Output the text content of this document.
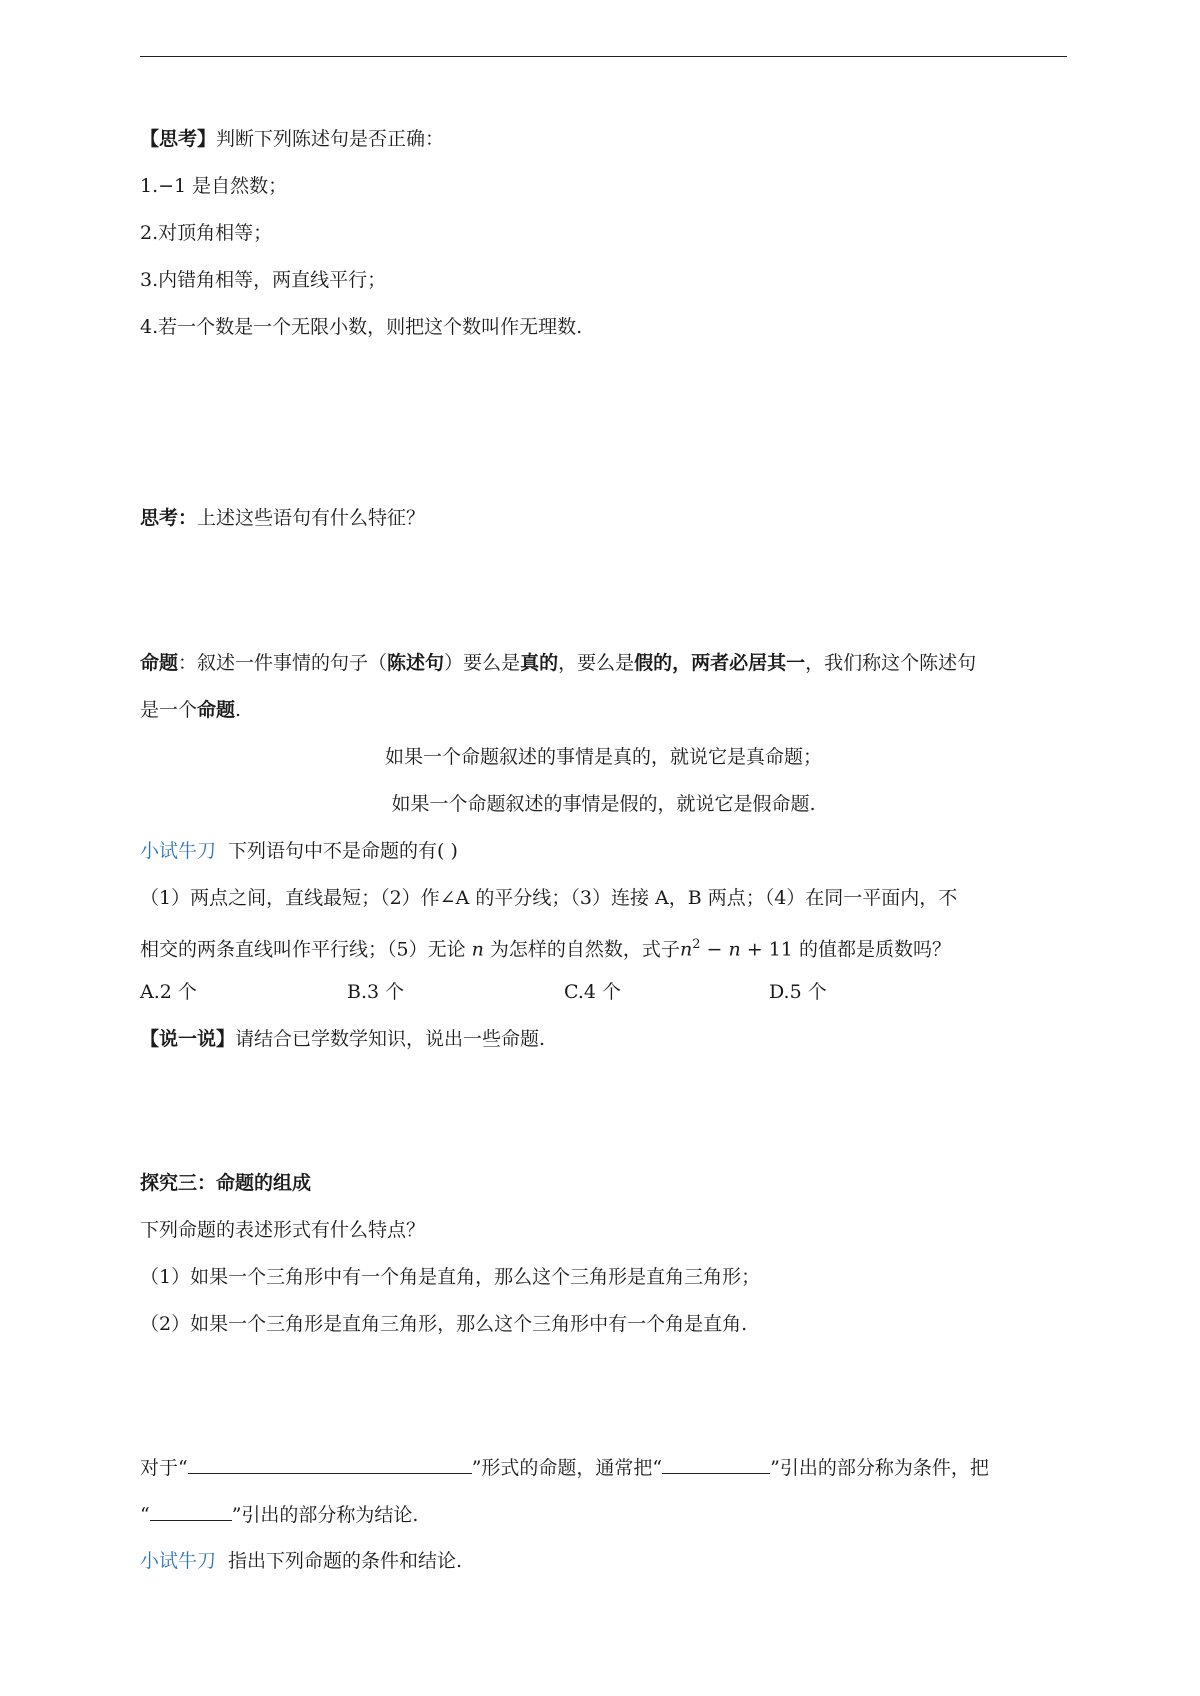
【思考】判断下列陈述句是否正确：
1.−1 是自然数；
2.对顶角相等；
3.内错角相等，两直线平行；
4.若一个数是一个无限小数，则把这个数叫作无理数.
思考：上述这些语句有什么特征？
命题：叙述一件事情的句子（陈述句）要么是真的，要么是假的，两者必居其一，我们称这个陈述句
是一个命题.
如果一个命题叙述的事情是真的，就说它是真命题；
如果一个命题叙述的事情是假的，就说它是假命题.
小试牛刀 下列语句中不是命题的有( )
（1）两点之间，直线最短；（2）作∠A 的平分线；（3）连接 A，B 两点；（4）在同一平面内，不
相交的两条直线叫作平行线；（5）无论 n 为怎样的自然数，式子$n^2 - n + 11$ 的值都是质数吗？
A.2 个	B.3 个	C.4 个	D.5 个
【说一说】请结合已学数学知识，说出一些命题.
探究三：命题的组成
下列命题的表述形式有什么特点？
（1）如果一个三角形中有一个角是直角，那么这个三角形是直角三角形；
（2）如果一个三角形是直角三角形，那么这个三角形中有一个角是直角.
对于“	”形式的命题，通常把“	”引出的部分称为条件，把
“	”引出的部分称为结论.
小试牛刀 指出下列命题的条件和结论.
